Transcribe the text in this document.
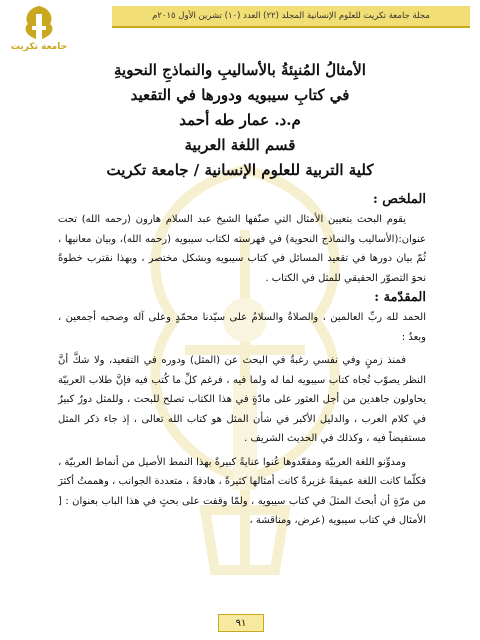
مجلة جامعة تكريت للعلوم الإنسانية المجلد (٢٢) العدد (١٠) تشرين الأول ٢٠١٥م
جامعة تكريت
الأمثالُ المُنبِئةُ بالأساليبِ والنماذجِ النحويةِ
في كتابِ سيبويه ودورها في التقعيد
م.د. عمار طه أحمد
قسم اللغة العربية
كلية التربية للعلوم الإنسانية / جامعة تكريت

الملخص :

يقوم البحث بتعيين الأمثال التي صنّفها الشيخ عبد السلام هارون (رحمه الله) تحت عنوان:(الأساليب والنماذج النحوية) في فهرسته لكتاب سيبويه (رحمه الله)، وبيان معانيها ، ثُمّ بيان دورها في تقعيد المسائل في كتاب سيبويه وبشكل مختصر ، وبهذا نقترب خطوةً نحوَ التصوّر الحقيقي للمثل في الكتاب .

المقدّمة :

الحمد لله ربِّ العالمين ، والصلاةُ والسلامُ على سيّدنا محمّدٍ وعلى آله وصحبه أجمعين ، وبعدُ :

فمنذ زمنٍ وفي نفسي رغبةٌ في البحث عن (المثل) ودوره في التقعيد، ولا شكَّ أنَّ النظر يصوّب تُجاه كتاب سيبويه لما له ولما فيه ، فرغم كلِّ ما كُتب فيه فإنَّ طلاب العربيّة يحاولون جاهدين من أجل العثور على مادّةٍ في هذا الكتاب تصلح للبحث ، وللمثل دورٌ كبيرٌ في كلام العرب ، والدليل الأكبر في شأن المثل هو كتاب الله تعالى ، إذ جاء ذكر المثل مستفيضاً فيه ، وكذلك في الحديث الشريف .

ومدوِّنو اللغة العربيّة ومقعّدوها عُنوا عنايةً كبيرةً بهذا النمط الأصيل من أنماط العربيّة ، فكلّما كانت اللغة عميقةً غزيرةً كانت أمثالها كثيرةً ، هادفةً ، متعددة الجوانب ، وهممتُ أكثرَ من مرّةٍ أن أبحثَ المثلَ في كتاب سيبويه ، ولمّا وقفت على بحثٍ في هذا الباب بعنوان : [ الأمثال في كتاب سيبويه (عرض، ومناقشة ،

٩١
